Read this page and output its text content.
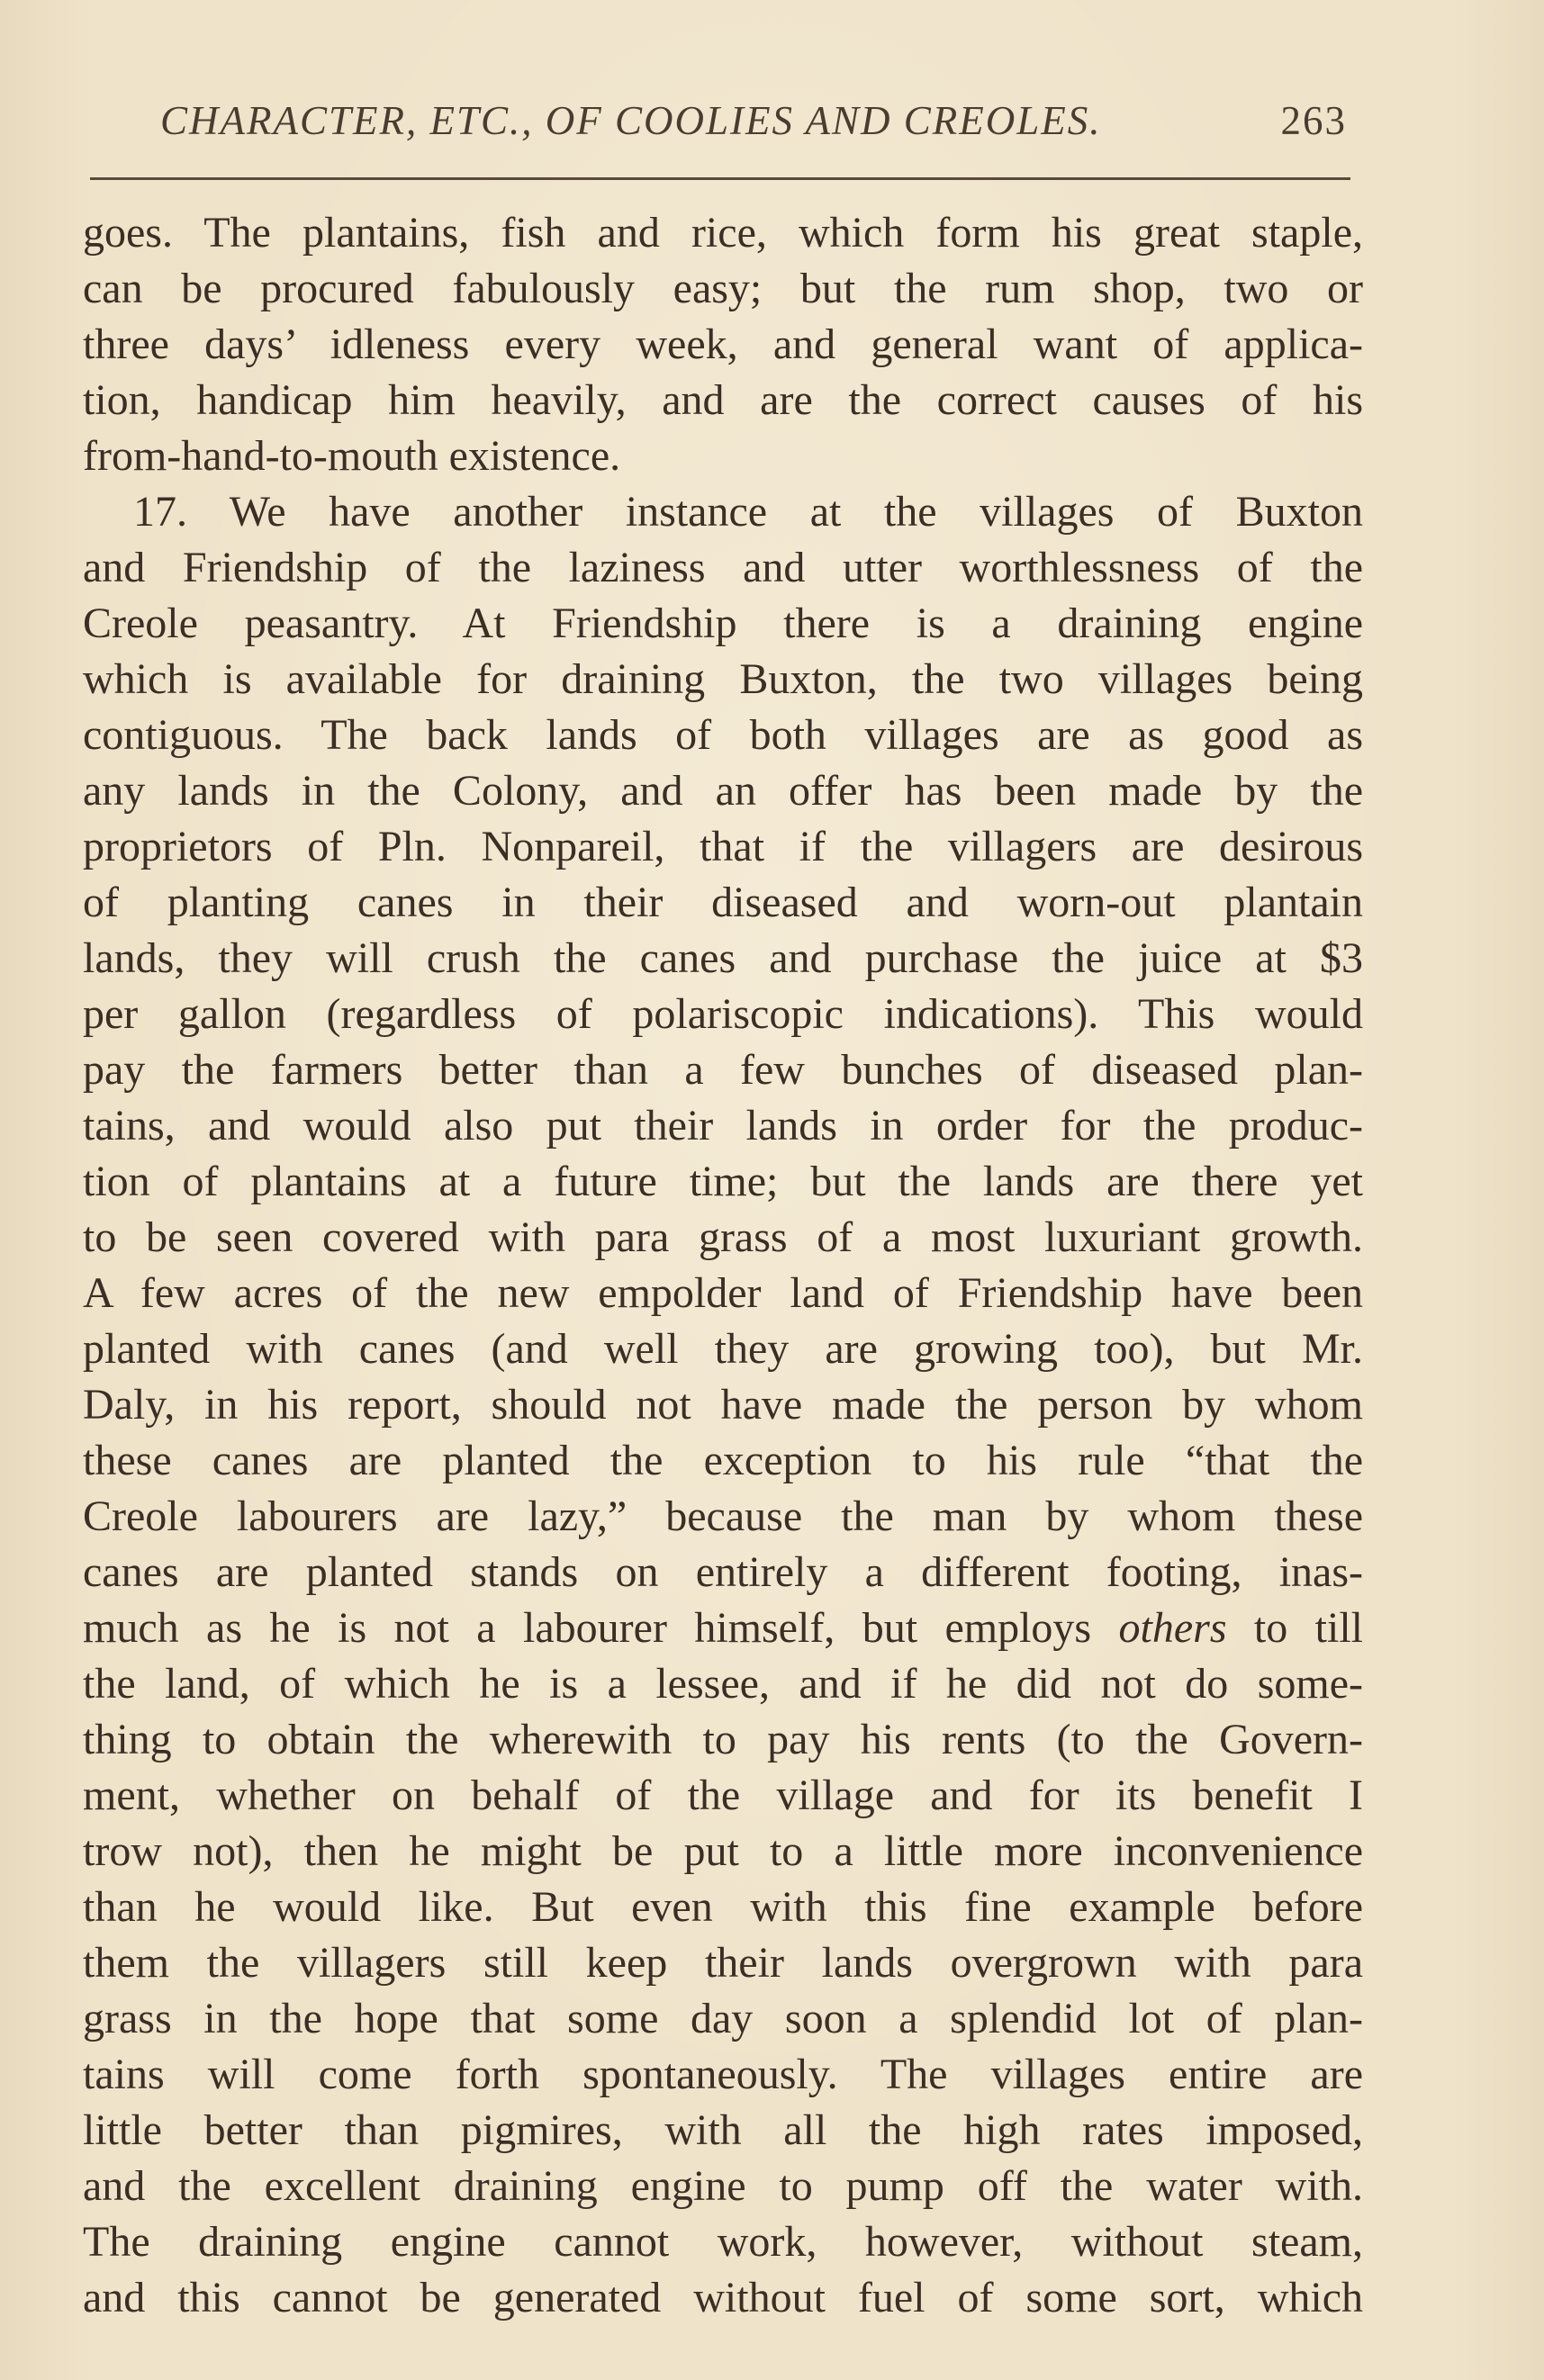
CHARACTER, ETC., OF COOLIES AND CREOLES.	263
goes. The plantains, fish and rice, which form his great staple,
can be procured fabulously easy; but the rum shop, two or
three days’ idleness every week, and general want of applica-
tion, handicap him heavily, and are the correct causes of his
from-hand-to-mouth existence.
17. We have another instance at the villages of Buxton
and Friendship of the laziness and utter worthlessness of the
Creole peasantry. At Friendship there is a draining engine
which is available for draining Buxton, the two villages being
contiguous. The back lands of both villages are as good as
any lands in the Colony, and an offer has been made by the
proprietors of Pln. Nonpareil, that if the villagers are desirous
of planting canes in their diseased and worn-out plantain
lands, they will crush the canes and purchase the juice at $3
per gallon (regardless of polariscopic indications). This would
pay the farmers better than a few bunches of diseased plan-
tains, and would also put their lands in order for the produc-
tion of plantains at a future time; but the lands are there yet
to be seen covered with para grass of a most luxuriant growth.
A few acres of the new empolder land of Friendship have been
planted with canes (and well they are growing too), but Mr.
Daly, in his report, should not have made the person by whom
these canes are planted the exception to his rule “that the
Creole labourers are lazy,” because the man by whom these
canes are planted stands on entirely a different footing, inas-
much as he is not a labourer himself, but employs others to till
the land, of which he is a lessee, and if he did not do some-
thing to obtain the wherewith to pay his rents (to the Govern-
ment, whether on behalf of the village and for its benefit I
trow not), then he might be put to a little more inconvenience
than he would like. But even with this fine example before
them the villagers still keep their lands overgrown with para
grass in the hope that some day soon a splendid lot of plan-
tains will come forth spontaneously. The villages entire are
little better than pigmires, with all the high rates imposed,
and the excellent draining engine to pump off the water with.
The draining engine cannot work, however, without steam,
and this cannot be generated without fuel of some sort, which
